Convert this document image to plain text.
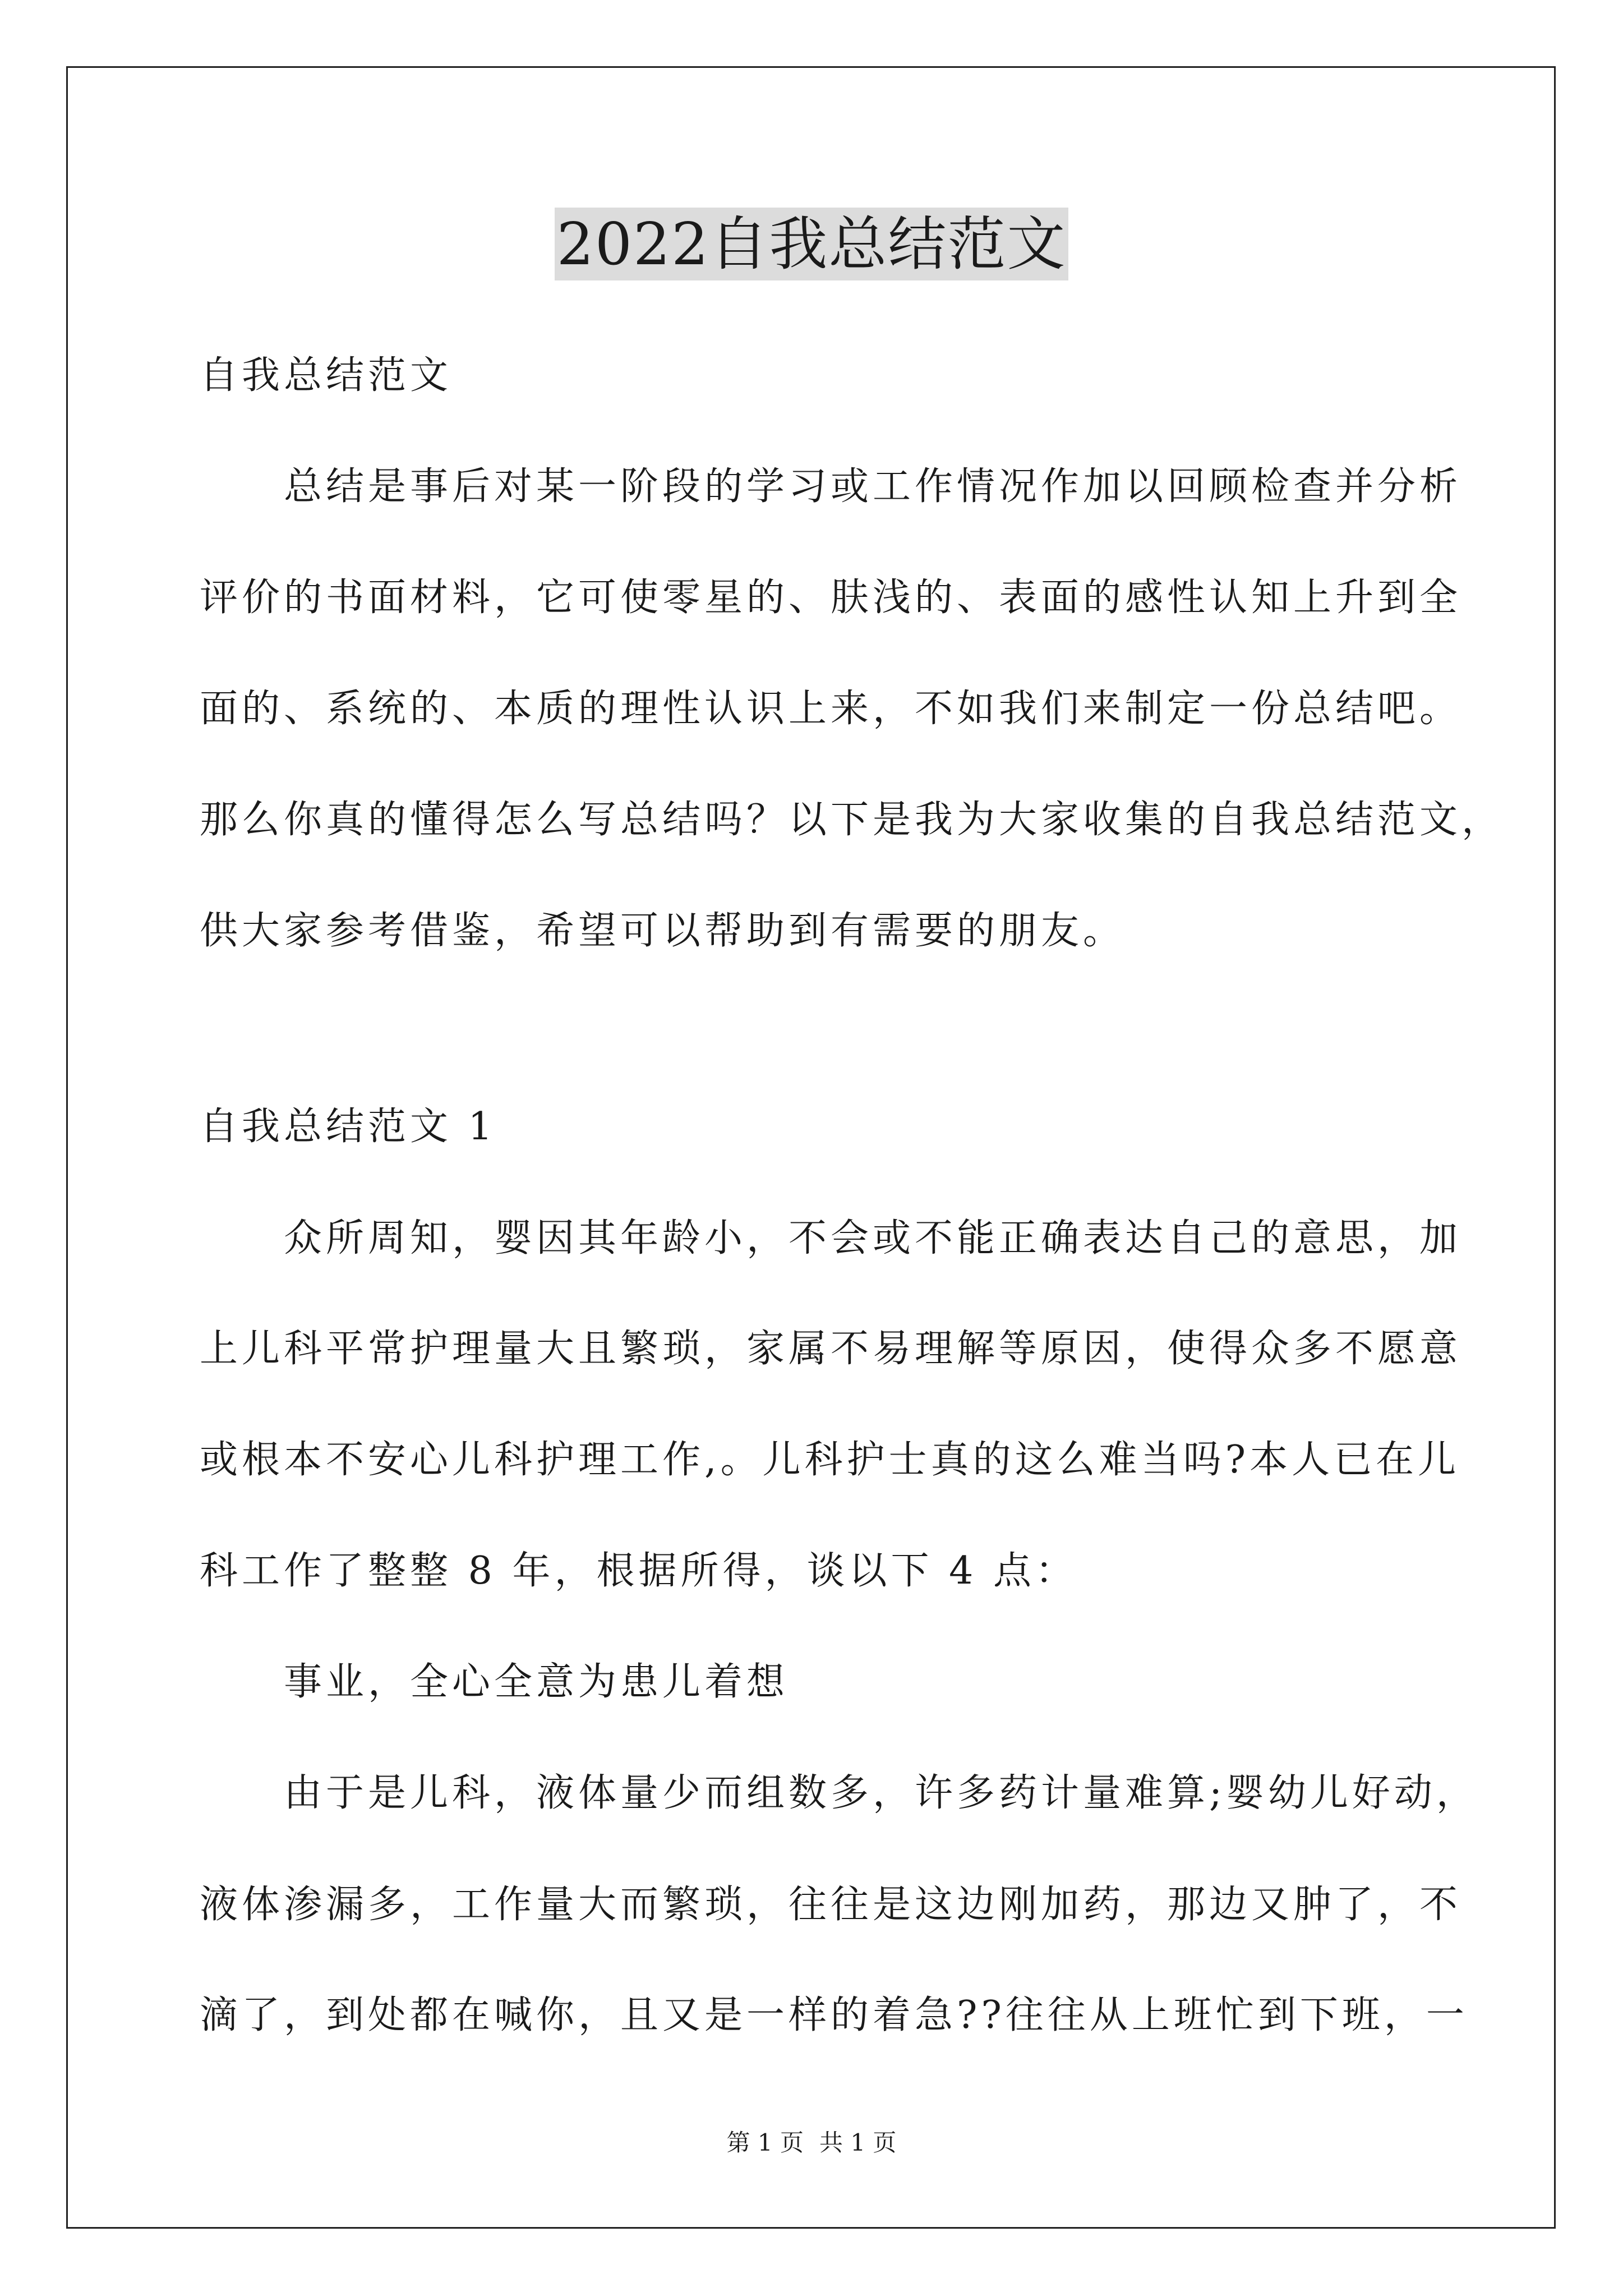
2022自我总结范文
自我总结范文
　　总结是事后对某一阶段的学习或工作情况作加以回顾检查并分析
评价的书面材料，它可使零星的、肤浅的、表面的感性认知上升到全
面的、系统的、本质的理性认识上来，不如我们来制定一份总结吧。
那么你真的懂得怎么写总结吗？以下是我为大家收集的自我总结范文，
供大家参考借鉴，希望可以帮助到有需要的朋友。
自我总结范文 1
　　众所周知，婴因其年龄小，不会或不能正确表达自己的意思，加
上儿科平常护理量大且繁琐，家属不易理解等原因，使得众多不愿意
或根本不安心儿科护理工作,。儿科护士真的这么难当吗?本人已在儿
科工作了整整 8 年，根据所得，谈以下 4 点：
　　事业，全心全意为患儿着想
　　由于是儿科，液体量少而组数多，许多药计量难算;婴幼儿好动，
液体渗漏多，工作量大而繁琐，往往是这边刚加药，那边又肿了，不
滴了，到处都在喊你，且又是一样的着急??往往从上班忙到下班，一
第 1 页 共 1 页
